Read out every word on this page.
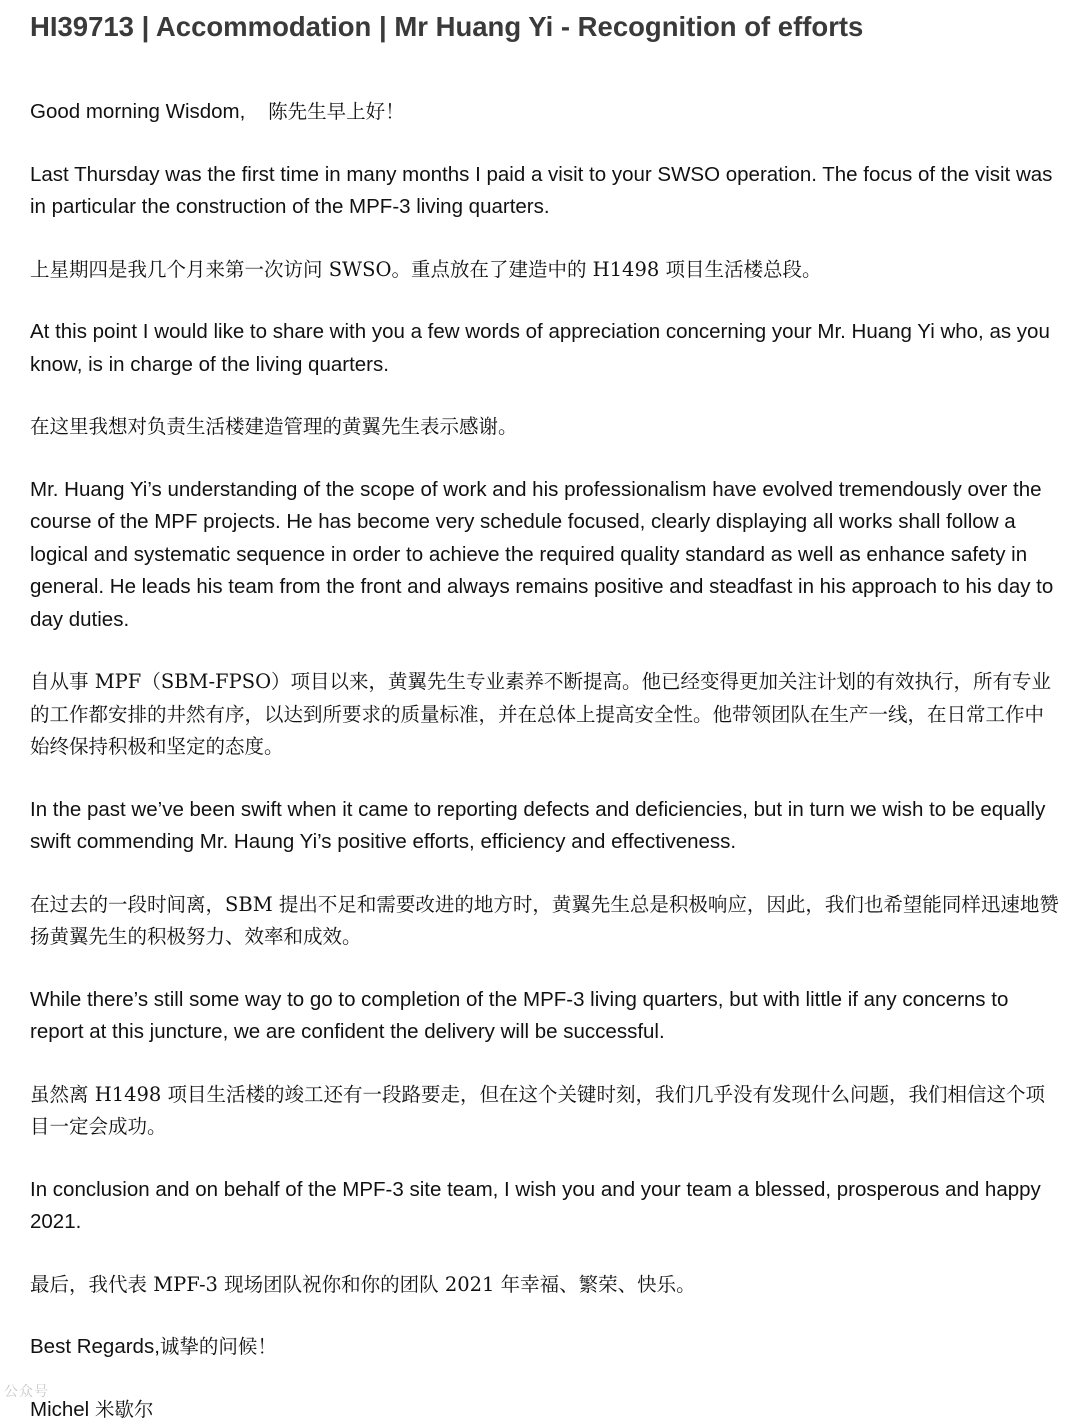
HI39713 | Accommodation | Mr Huang Yi - Recognition of efforts

Good morning Wisdom, 陈先生早上好！

Last Thursday was the first time in many months I paid a visit to your SWSO operation. The focus of the visit was in particular the construction of the MPF-3 living quarters.

上星期四是我几个月来第一次访问 SWSO。重点放在了建造中的 H1498 项目生活楼总段。

At this point I would like to share with you a few words of appreciation concerning your Mr. Huang Yi who, as you know, is in charge of the living quarters.

在这里我想对负责生活楼建造管理的黄翼先生表示感谢。

Mr. Huang Yi’s understanding of the scope of work and his professionalism have evolved tremendously over the course of the MPF projects. He has become very schedule focused, clearly displaying all works shall follow a logical and systematic sequence in order to achieve the required quality standard as well as enhance safety in general. He leads his team from the front and always remains positive and steadfast in his approach to his day to day duties.

自从事 MPF（SBM-FPSO）项目以来，黄翼先生专业素养不断提高。他已经变得更加关注计划的有效执行，所有专业的工作都安排的井然有序，以达到所要求的质量标准，并在总体上提高安全性。他带领团队在生产一线，在日常工作中始终保持积极和坚定的态度。

In the past we’ve been swift when it came to reporting defects and deficiencies, but in turn we wish to be equally swift commending Mr. Haung Yi’s positive efforts, efficiency and effectiveness.

在过去的一段时间离，SBM 提出不足和需要改进的地方时，黄翼先生总是积极响应，因此，我们也希望能同样迅速地赞扬黄翼先生的积极努力、效率和成效。

While there’s still some way to go to completion of the MPF-3 living quarters, but with little if any concerns to report at this juncture, we are confident the delivery will be successful.

虽然离 H1498 项目生活楼的竣工还有一段路要走，但在这个关键时刻，我们几乎没有发现什么问题，我们相信这个项目一定会成功。

In conclusion and on behalf of the MPF-3 site team, I wish you and your team a blessed, prosperous and happy 2021.

最后，我代表 MPF-3 现场团队祝你和你的团队 2021 年幸福、繁荣、快乐。

Best Regards,诚挚的问候！

Michel 米歇尔

公众号
